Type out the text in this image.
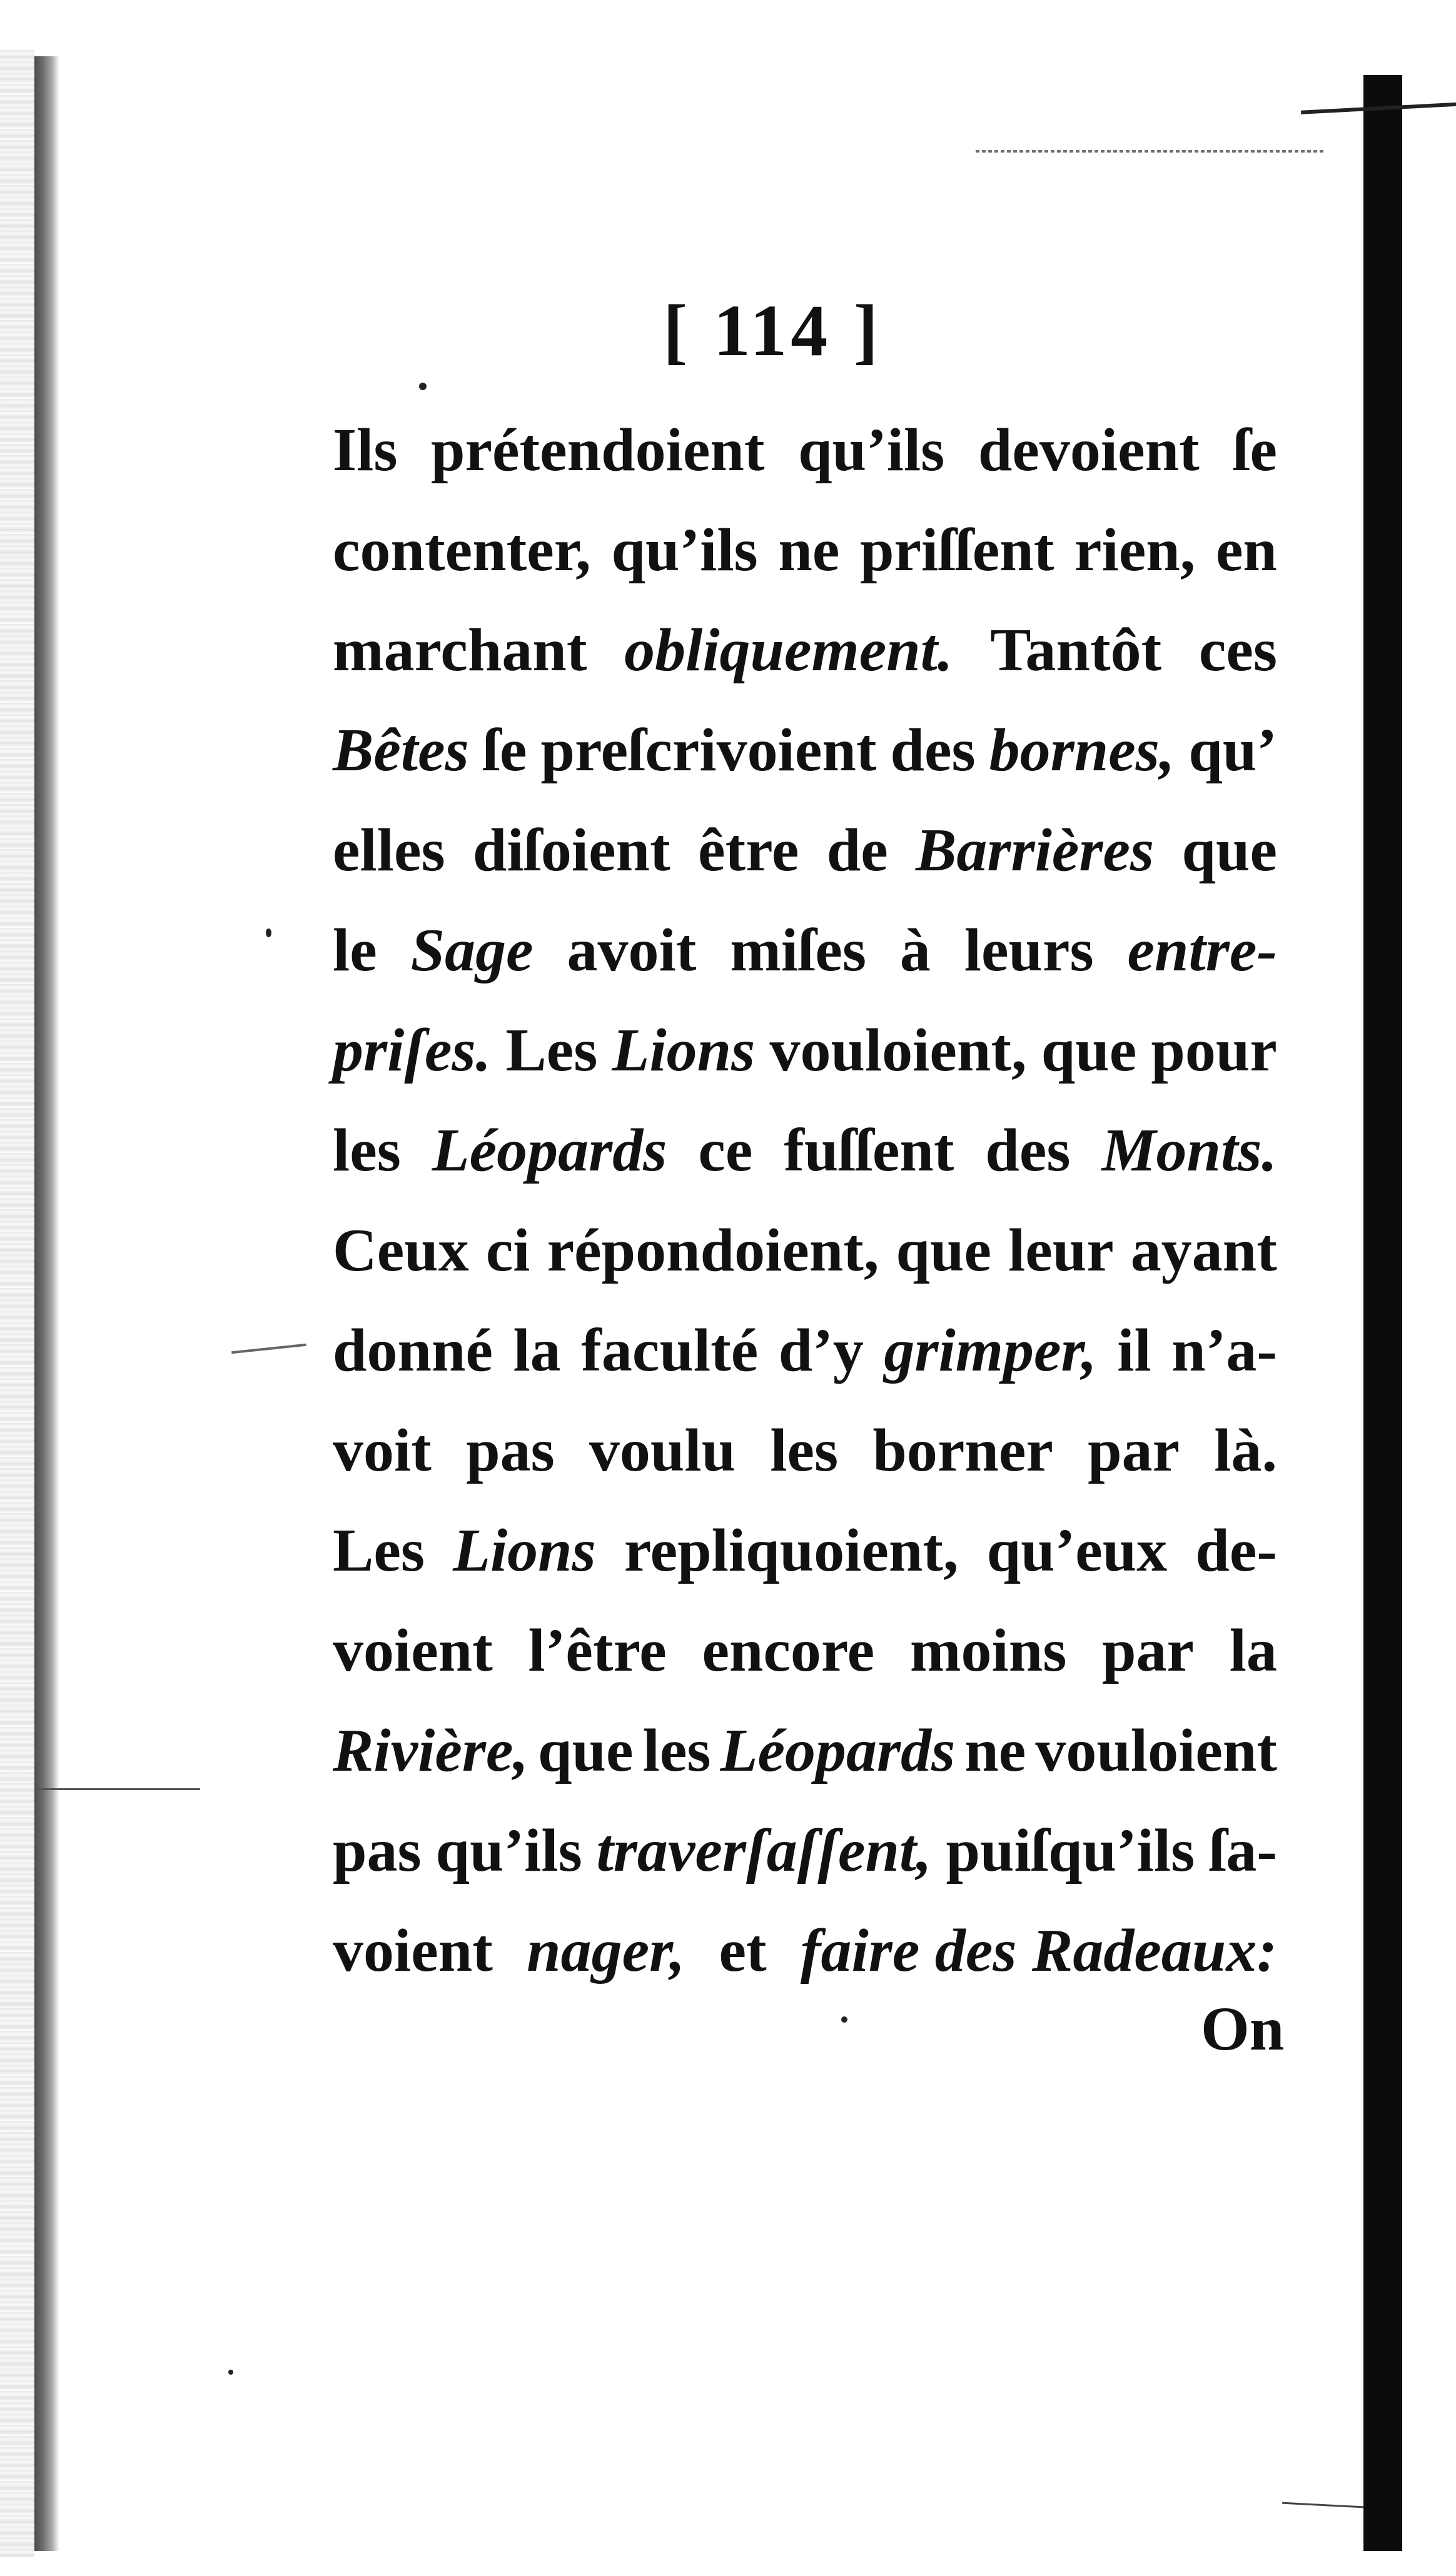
[ 114 ]
Ils prétendoient qu’ils devoient ſe
contenter, qu’ils ne priſſent rien, en
marchant obliquement. Tantôt ces
Bêtes ſe preſcrivoient des bornes, qu’
elles diſoient être de Barrières que
le Sage avoit miſes à leurs entre-
priſes. Les Lions vouloient, que pour
les Léopards ce fuſſent des Monts.
Ceux ci répondoient, que leur ayant
donné la faculté d’y grimper, il n’a-
voit pas voulu les borner par là.
Les Lions repliquoient, qu’eux de-
voient l’être encore moins par la
Rivière, que les Léopards ne vouloient
pas qu’ils traverſaſſent, puiſqu’ils ſa-
voient nager, et faire des Radeaux:
On
